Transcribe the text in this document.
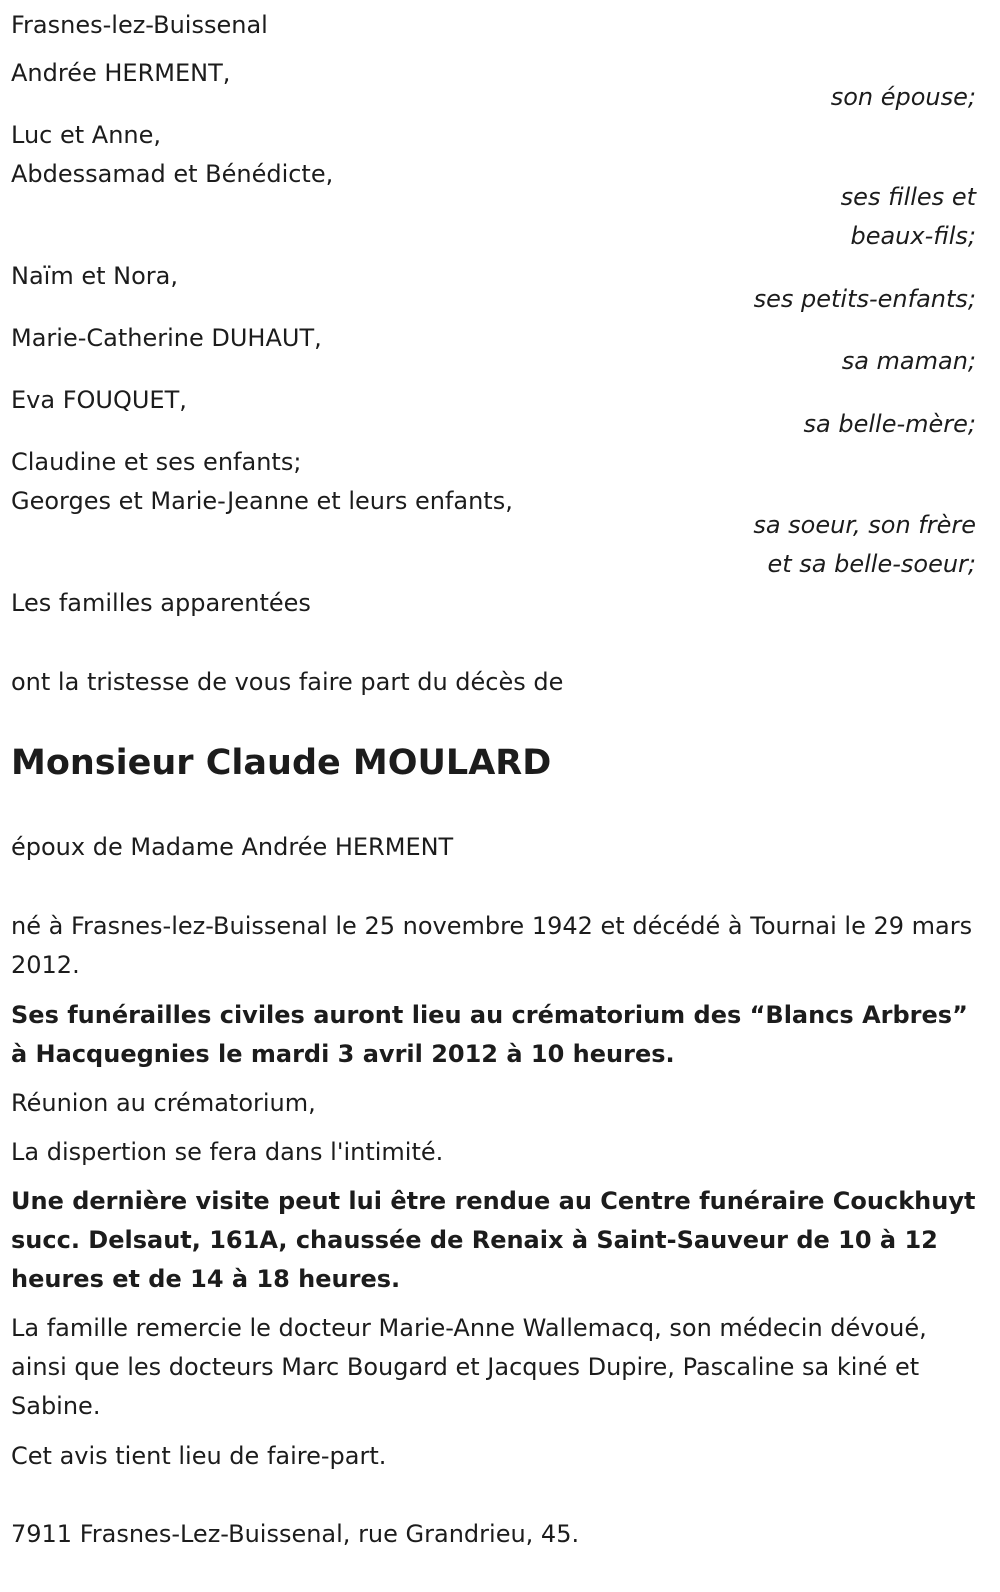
Frasnes-lez-Buissenal

Andrée HERMENT,

son épouse;

Luc et Anne,

Abdessamad et Bénédicte,

ses filles et

beaux-fils;

Naïm et Nora,

ses petits-enfants;

Marie-Catherine DUHAUT,

sa maman;

Eva FOUQUET,

sa belle-mère;

Claudine et ses enfants;

Georges et Marie-Jeanne et leurs enfants,

sa soeur, son frère

et sa belle-soeur;

Les familles apparentées

ont la tristesse de vous faire part du décès de

Monsieur Claude MOULARD

époux de Madame Andrée HERMENT

né à Frasnes-lez-Buissenal le 25 novembre 1942 et décédé à Tournai le 29 mars 2012.

Ses funérailles civiles auront lieu au crématorium des “Blancs Arbres” à Hacquegnies le mardi 3 avril 2012 à 10 heures.

Réunion au crématorium,

La dispertion se fera dans l'intimité.

Une dernière visite peut lui être rendue au Centre funéraire Couckhuyt succ. Delsaut, 161A, chaussée de Renaix à Saint-Sauveur de 10 à 12 heures et de 14 à 18 heures.

La famille remercie le docteur Marie-Anne Wallemacq, son médecin dévoué, ainsi que les docteurs Marc Bougard et Jacques Dupire, Pascaline sa kiné et Sabine.

Cet avis tient lieu de faire-part.

7911 Frasnes-Lez-Buissenal, rue Grandrieu, 45.
